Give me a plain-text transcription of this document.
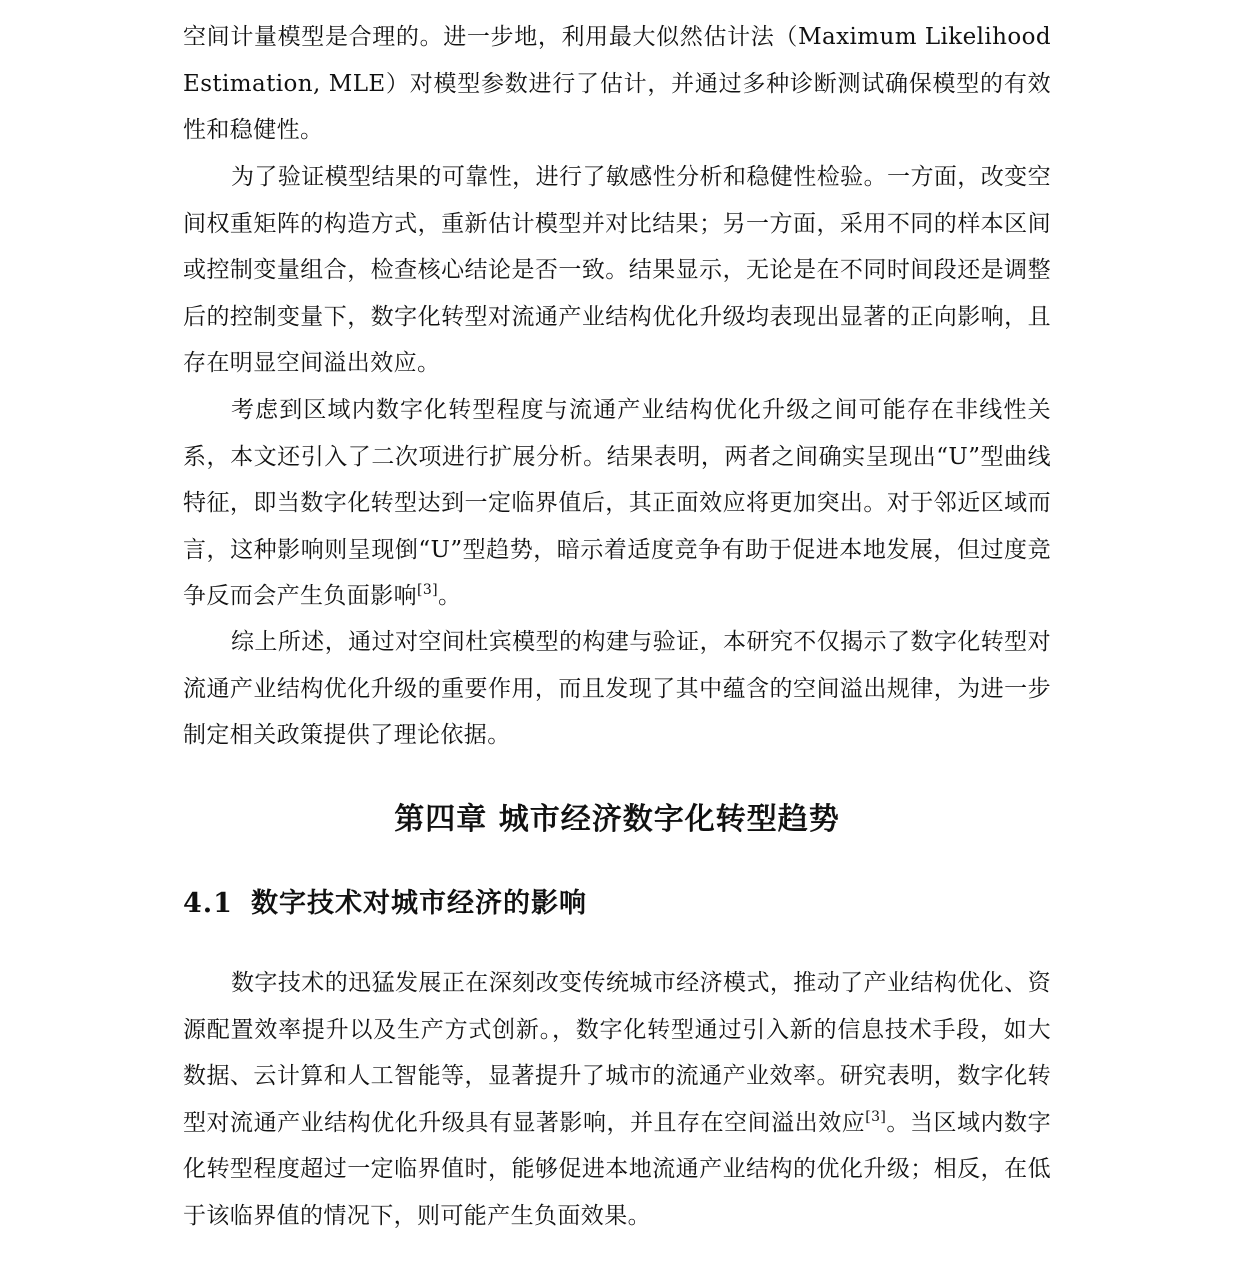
空间计量模型是合理的。进一步地，利用最大似然估计法（Maximum Likelihood Estimation, MLE）对模型参数进行了估计，并通过多种诊断测试确保模型的有效性和稳健性。

为了验证模型结果的可靠性，进行了敏感性分析和稳健性检验。一方面，改变空间权重矩阵的构造方式，重新估计模型并对比结果；另一方面，采用不同的样本区间或控制变量组合，检查核心结论是否一致。结果显示，无论是在不同时间段还是调整后的控制变量下，数字化转型对流通产业结构优化升级均表现出显著的正向影响，且存在明显空间溢出效应。

考虑到区域内数字化转型程度与流通产业结构优化升级之间可能存在非线性关系，本文还引入了二次项进行扩展分析。结果表明，两者之间确实呈现出“U”型曲线特征，即当数字化转型达到一定临界值后，其正面效应将更加突出。对于邻近区域而言，这种影响则呈现倒“U”型趋势，暗示着适度竞争有助于促进本地发展，但过度竞争反而会产生负面影响[3]。

综上所述，通过对空间杜宾模型的构建与验证，本研究不仅揭示了数字化转型对流通产业结构优化升级的重要作用，而且发现了其中蕴含的空间溢出规律，为进一步制定相关政策提供了理论依据。

第四章 城市经济数字化转型趋势
4.1 数字技术对城市经济的影响

数字技术的迅猛发展正在深刻改变传统城市经济模式，推动了产业结构优化、资源配置效率提升以及生产方式创新。，数字化转型通过引入新的信息技术手段，如大数据、云计算和人工智能等，显著提升了城市的流通产业效率。研究表明，数字化转型对流通产业结构优化升级具有显著影响，并且存在空间溢出效应[3]。当区域内数字化转型程度超过一定临界值时，能够促进本地流通产业结构的优化升级；相反，在低于该临界值的情况下，则可能产生负面效果。
